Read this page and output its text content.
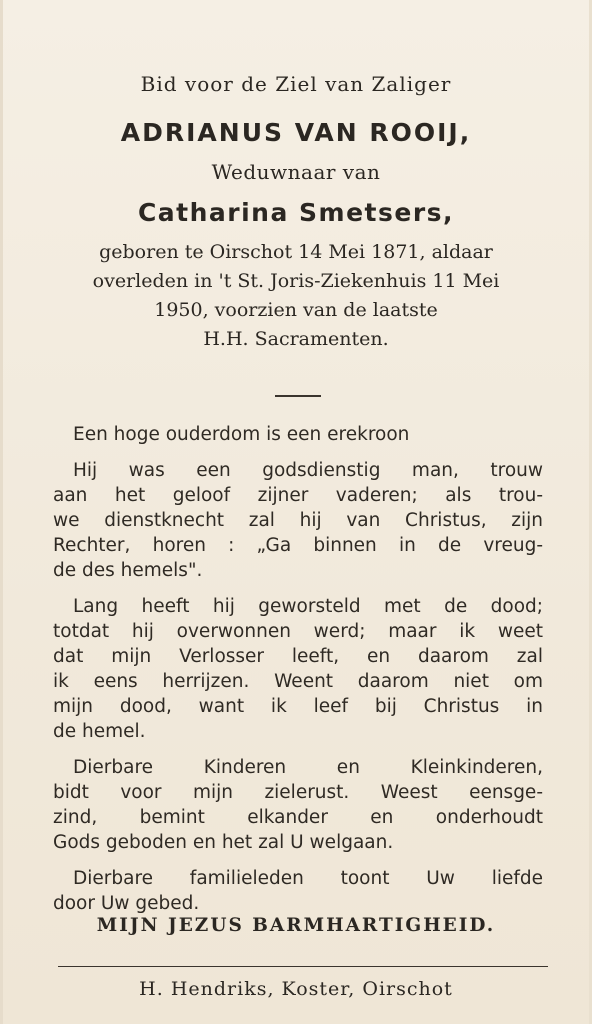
Bid voor de Ziel van Zaliger

ADRIANUS VAN ROOIJ,

Weduwnaar van

Catharina Smetsers,

geboren te Oirschot 14 Mei 1871, aldaar
overleden in 't St. Joris-Ziekenhuis 11 Mei
1950, voorzien van de laatste
H.H. Sacramenten.
Een hoge ouderdom is een erekroon
Hij was een godsdienstig man, trouw
aan het geloof zijner vaderen; als trou-
we dienstknecht zal hij van Christus, zijn
Rechter, horen : „Ga binnen in de vreug-
de des hemels".
Lang heeft hij geworsteld met de dood;
totdat hij overwonnen werd; maar ik weet
dat mijn Verlosser leeft, en daarom zal
ik eens herrijzen. Weent daarom niet om
mijn dood, want ik leef bij Christus in
de hemel.
Dierbare Kinderen en Kleinkinderen,
bidt voor mijn zielerust. Weest eensge-
zind, bemint elkander en onderhoudt
Gods geboden en het zal U welgaan.
Dierbare familieleden toont Uw liefde
door Uw gebed.
MIJN JEZUS BARMHARTIGHEID.
H. Hendriks, Koster, Oirschot
